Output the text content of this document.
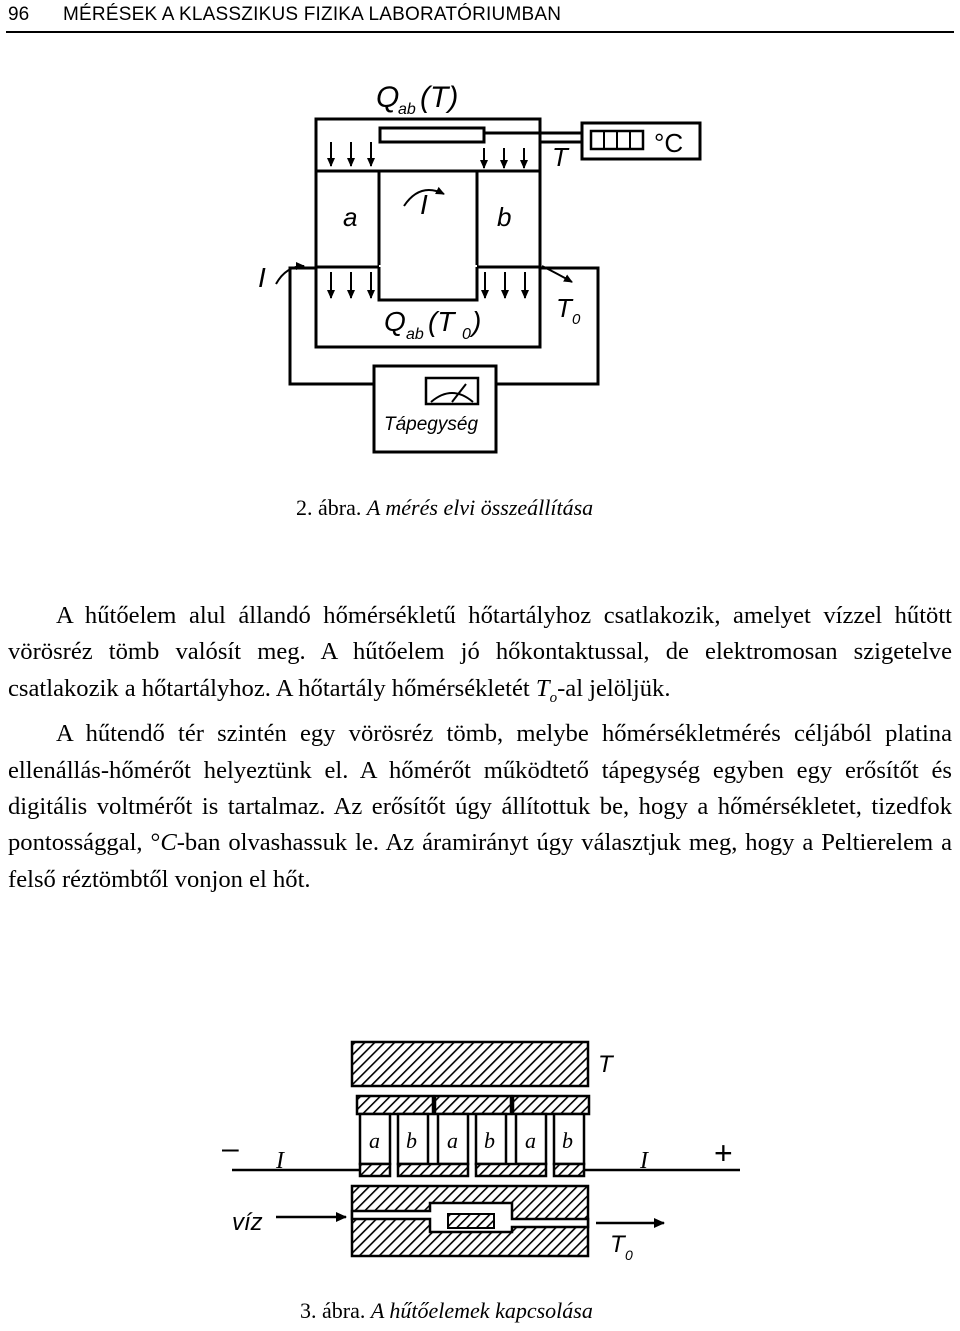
96 MÉRÉSEK A KLASSZIKUS FIZIKA LABORATÓRIUMBAN
Q
ab (T)
°C
T
a	b
I
Q ab (T 0 )	T 0
I
Tápegység
2. ábra. A mérés elvi összeállítása

A hűtőelem alul állandó hőmérsékletű hőtartályhoz csatlakozik, amelyet vízzel hűtött vörösréz tömb valósít meg. A hűtőelem jó hőkontaktussal, de elektromosan szigetelve csatlakozik a hőtartályhoz. A hőtartály hőmérsékletét $T_o-al$ jelöljük.

A hűtendő tér szintén egy vörösréz tömb, melybe hőmérsékletmérés céljából platina ellenállás-hőmérőt helyeztünk el. A hőmérőt működtető tápegység egyben egy erősítőt és digitális voltmérőt is tartalmaz. Az erősítőt úgy állítottuk be, hogy a hőmérsékletet, tizedfok pontossággal, °C-ban olvashassuk le. Az áramirányt úgy választjuk meg, hogy a Peltierelem a felső réztömbtől vonjon el hőt.

T
a b a b a b
–	+
I	I
víz
T 0
3. ábra. A hűtőelemek kapcsolása
